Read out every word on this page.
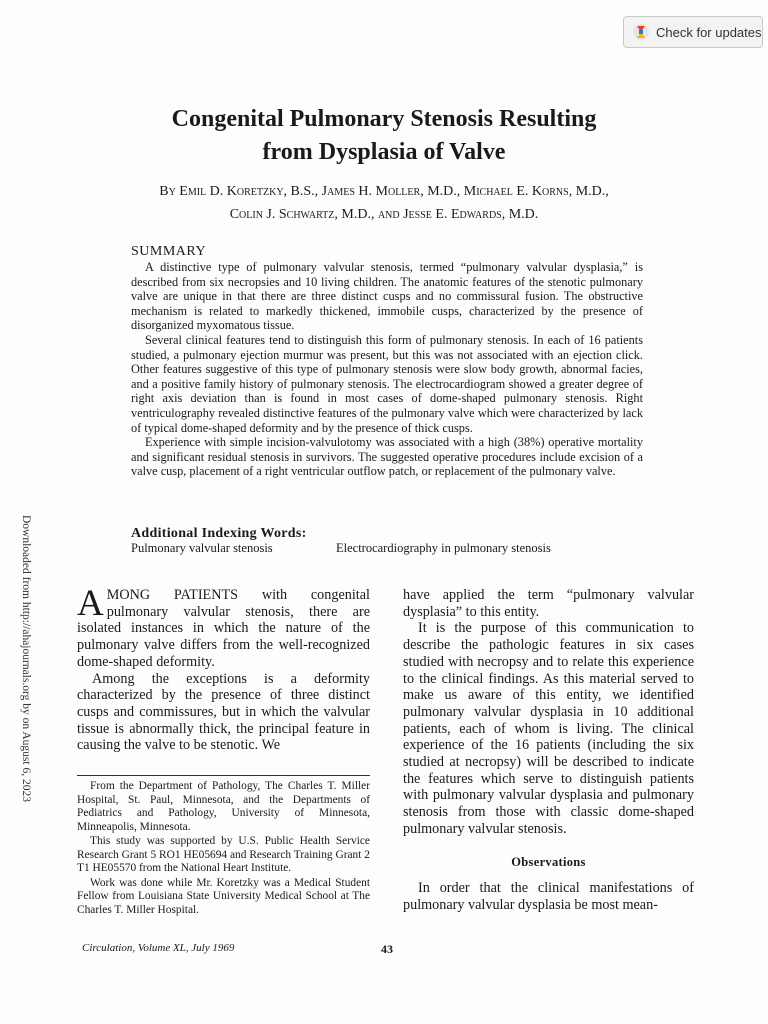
Check for updates
Congenital Pulmonary Stenosis Resulting
from Dysplasia of Valve
By Emil D. Koretzky, B.S., James H. Moller, M.D., Michael E. Korns, M.D.,
Colin J. Schwartz, M.D., and Jesse E. Edwards, M.D.
SUMMARY

A distinctive type of pulmonary valvular stenosis, termed “pulmonary valvular dysplasia,” is described from six necropsies and 10 living children. The anatomic features of the stenotic pulmonary valve are unique in that there are three distinct cusps and no commissural fusion. The obstructive mechanism is related to markedly thickened, immobile cusps, characterized by the presence of disorganized myxomatous tissue.

Several clinical features tend to distinguish this form of pulmonary stenosis. In each of 16 patients studied, a pulmonary ejection murmur was present, but this was not associated with an ejection click. Other features suggestive of this type of pulmonary stenosis were slow body growth, abnormal facies, and a positive family history of pulmonary stenosis. The electrocardiogram showed a greater degree of right axis deviation than is found in most cases of dome-shaped pulmonary stenosis. Right ventriculography revealed distinctive features of the pulmonary valve which were characterized by lack of typical dome-shaped deformity and by the presence of thick cusps.

Experience with simple incision-valvulotomy was associated with a high (38%) operative mortality and significant residual stenosis in survivors. The suggested operative procedures include excision of a valve cusp, placement of a right ventricular outflow patch, or replacement of the pulmonary valve.

Additional Indexing Words:
Pulmonary valvular stenosis	Electrocardiography in pulmonary stenosis
Downloaded from http://ahajournals.org by on August 6, 2023 AMONG PATIENTS with congenital pulmonary valvular stenosis, there are isolated instances in which the nature of the pulmonary valve differs from the well-recognized dome-shaped deformity.

Among the exceptions is a deformity characterized by the presence of three distinct cusps and commissures, but in which the valvular tissue is abnormally thick, the principal feature in causing the valve to be stenotic. We

From the Department of Pathology, The Charles T. Miller Hospital, St. Paul, Minnesota, and the Departments of Pediatrics and Pathology, University of Minnesota, Minneapolis, Minnesota.

This study was supported by U.S. Public Health Service Research Grant 5 RO1 HE05694 and Research Training Grant 2 T1 HE05570 from the National Heart Institute.

Work was done while Mr. Koretzky was a Medical Student Fellow from Louisiana State University Medical School at The Charles T. Miller Hospital.

Circulation, Volume XL, July 1969	43

have applied the term “pulmonary valvular dysplasia” to this entity.

It is the purpose of this communication to describe the pathologic features in six cases studied with necropsy and to relate this experience to the clinical findings. As this material served to make us aware of this entity, we identified pulmonary valvular dysplasia in 10 additional patients, each of whom is living. The clinical experience of the 16 patients (including the six studied at necropsy) will be described to indicate the features which serve to distinguish patients with pulmonary valvular dysplasia and pulmonary stenosis from those with classic dome-shaped pulmonary valvular stenosis.

Observations

In order that the clinical manifestations of pulmonary valvular dysplasia be most mean-
